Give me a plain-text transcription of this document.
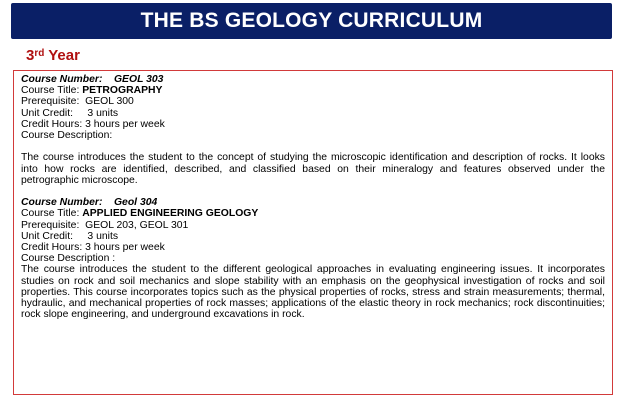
THE BS GEOLOGY CURRICULUM
3rd Year
Course Number: GEOL 303
Course Title: PETROGRAPHY
Prerequisite: GEOL 300
Unit Credit: 3 units
Credit Hours: 3 hours per week
Course Description:
The course introduces the student to the concept of studying the microscopic identification and description of rocks. It looks into how rocks are identified, described, and classified based on their mineralogy and features observed under the petrographic microscope.
Course Number: Geol 304
Course Title: APPLIED ENGINEERING GEOLOGY
Prerequisite: GEOL 203, GEOL 301
Unit Credit: 3 units
Credit Hours: 3 hours per week
Course Description :
The course introduces the student to the different geological approaches in evaluating engineering issues. It incorporates studies on rock and soil mechanics and slope stability with an emphasis on the geophysical investigation of rocks and soil properties. This course incorporates topics such as the physical properties of rocks, stress and strain measurements; thermal, hydraulic, and mechanical properties of rock masses; applications of the elastic theory in rock mechanics; rock discontinuities; rock slope engineering, and underground excavations in rock.
